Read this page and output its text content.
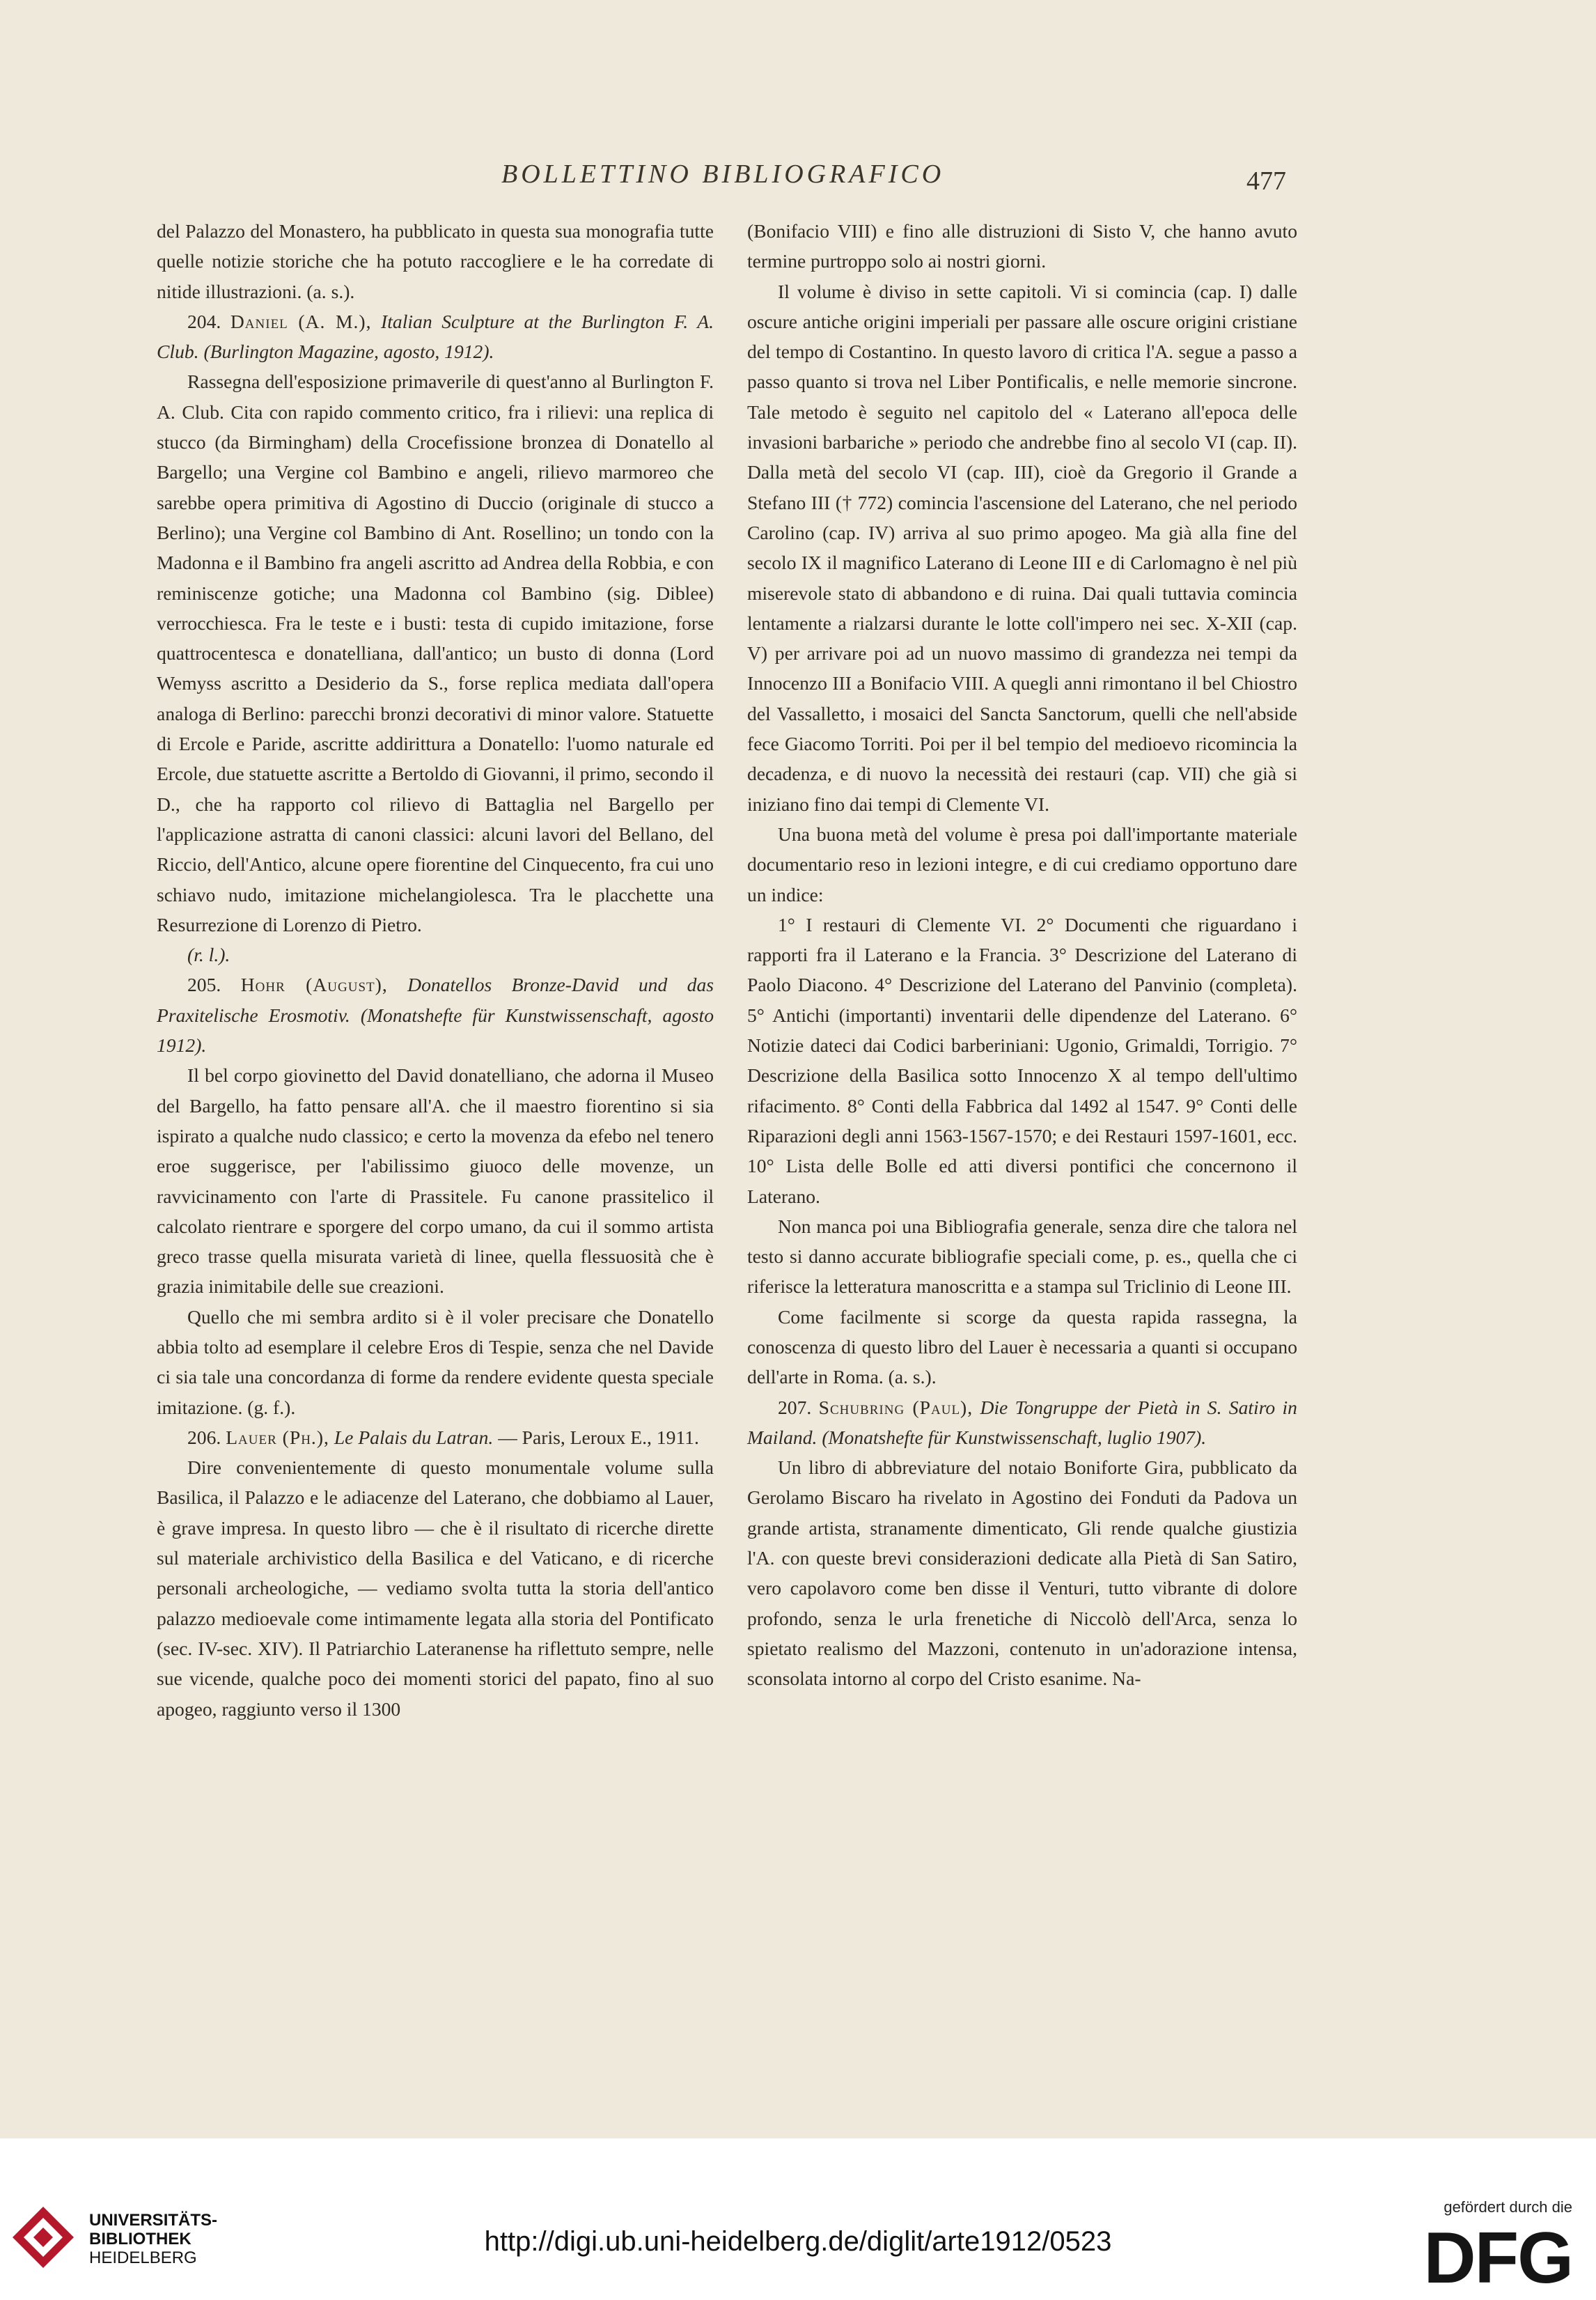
BOLLETTINO BIBLIOGRAFICO	477

del Palazzo del Monastero, ha pubblicato in questa sua monografia tutte quelle notizie storiche che ha potuto raccogliere e le ha corredate di nitide illustrazioni. (a. s.).

204. Daniel (A. M.), Italian Sculpture at the Burlington F. A. Club. (Burlington Magazine, agosto, 1912).

Rassegna dell'esposizione primaverile di quest'anno al Burlington F. A. Club. Cita con rapido commento critico, fra i rilievi: una replica di stucco (da Birmingham) della Crocefissione bronzea di Donatello al Bargello; una Vergine col Bambino e angeli, rilievo marmoreo che sarebbe opera primitiva di Agostino di Duccio (originale di stucco a Berlino); una Vergine col Bambino di Ant. Rosellino; un tondo con la Madonna e il Bambino fra angeli ascritto ad Andrea della Robbia, e con reminiscenze gotiche; una Madonna col Bambino (sig. Diblee) verrocchiesca. Fra le teste e i busti: testa di cupido imitazione, forse quattrocentesca e donatelliana, dall'antico; un busto di donna (Lord Wemyss ascritto a Desiderio da S., forse replica mediata dall'opera analoga di Berlino: parecchi bronzi decorativi di minor valore. Statuette di Ercole e Paride, ascritte addirittura a Donatello: l'uomo naturale ed Ercole, due statuette ascritte a Bertoldo di Giovanni, il primo, secondo il D., che ha rapporto col rilievo di Battaglia nel Bargello per l'applicazione astratta di canoni classici: alcuni lavori del Bellano, del Riccio, dell'Antico, alcune opere fiorentine del Cinquecento, fra cui uno schiavo nudo, imitazione michelangiolesca. Tra le placchette una Resurrezione di Lorenzo di Pietro.

(r. l.).

205. Hohr (August), Donatellos Bronze-David und das Praxitelische Erosmotiv. (Monatshefte für Kunstwissenschaft, agosto 1912).

Il bel corpo giovinetto del David donatelliano, che adorna il Museo del Bargello, ha fatto pensare all'A. che il maestro fiorentino si sia ispirato a qualche nudo classico; e certo la movenza da efebo nel tenero eroe suggerisce, per l'abilissimo giuoco delle movenze, un ravvicinamento con l'arte di Prassitele. Fu canone prassitelico il calcolato rientrare e sporgere del corpo umano, da cui il sommo artista greco trasse quella misurata varietà di linee, quella flessuosità che è grazia inimitabile delle sue creazioni.

Quello che mi sembra ardito si è il voler precisare che Donatello abbia tolto ad esemplare il celebre Eros di Tespie, senza che nel Davide ci sia tale una concordanza di forme da rendere evidente questa speciale imitazione. (g. f.).

206. Lauer (Ph.), Le Palais du Latran. — Paris, Leroux E., 1911.

Dire convenientemente di questo monumentale volume sulla Basilica, il Palazzo e le adiacenze del Laterano, che dobbiamo al Lauer, è grave impresa. In questo libro — che è il risultato di ricerche dirette sul materiale archivistico della Basilica e del Vaticano, e di ricerche personali archeologiche, — vediamo svolta tutta la storia dell'antico palazzo medioevale come intimamente legata alla storia del Pontificato (sec. IV-sec. XIV). Il Patriarchio Lateranense ha riflettuto sempre, nelle sue vicende, qualche poco dei momenti storici del papato, fino al suo apogeo, raggiunto verso il 1300

(Bonifacio VIII) e fino alle distruzioni di Sisto V, che hanno avuto termine purtroppo solo ai nostri giorni.

Il volume è diviso in sette capitoli. Vi si comincia (cap. I) dalle oscure antiche origini imperiali per passare alle oscure origini cristiane del tempo di Costantino. In questo lavoro di critica l'A. segue a passo a passo quanto si trova nel Liber Pontificalis, e nelle memorie sincrone. Tale metodo è seguito nel capitolo del « Laterano all'epoca delle invasioni barbariche » periodo che andrebbe fino al secolo VI (cap. II). Dalla metà del secolo VI (cap. III), cioè da Gregorio il Grande a Stefano III († 772) comincia l'ascensione del Laterano, che nel periodo Carolino (cap. IV) arriva al suo primo apogeo. Ma già alla fine del secolo IX il magnifico Laterano di Leone III e di Carlomagno è nel più miserevole stato di abbandono e di ruina. Dai quali tuttavia comincia lentamente a rialzarsi durante le lotte coll'impero nei sec. X-XII (cap. V) per arrivare poi ad un nuovo massimo di grandezza nei tempi da Innocenzo III a Bonifacio VIII. A quegli anni rimontano il bel Chiostro del Vassalletto, i mosaici del Sancta Sanctorum, quelli che nell'abside fece Giacomo Torriti. Poi per il bel tempio del medioevo ricomincia la decadenza, e di nuovo la necessità dei restauri (cap. VII) che già si iniziano fino dai tempi di Clemente VI.

Una buona metà del volume è presa poi dall'importante materiale documentario reso in lezioni integre, e di cui crediamo opportuno dare un indice:

1° I restauri di Clemente VI. 2° Documenti che riguardano i rapporti fra il Laterano e la Francia. 3° Descrizione del Laterano di Paolo Diacono. 4° Descrizione del Laterano del Panvinio (completa). 5° Antichi (importanti) inventarii delle dipendenze del Laterano. 6° Notizie dateci dai Codici barberiniani: Ugonio, Grimaldi, Torrigio. 7° Descrizione della Basilica sotto Innocenzo X al tempo dell'ultimo rifacimento. 8° Conti della Fabbrica dal 1492 al 1547. 9° Conti delle Riparazioni degli anni 1563-1567-1570; e dei Restauri 1597-1601, ecc. 10° Lista delle Bolle ed atti diversi pontifici che concernono il Laterano.

Non manca poi una Bibliografia generale, senza dire che talora nel testo si danno accurate bibliografie speciali come, p. es., quella che ci riferisce la letteratura manoscritta e a stampa sul Triclinio di Leone III.

Come facilmente si scorge da questa rapida rassegna, la conoscenza di questo libro del Lauer è necessaria a quanti si occupano dell'arte in Roma. (a. s.).

207. Schubring (Paul), Die Tongruppe der Pietà in S. Satiro in Mailand. (Monatshefte für Kunstwissenschaft, luglio 1907).

Un libro di abbreviature del notaio Boniforte Gira, pubblicato da Gerolamo Biscaro ha rivelato in Agostino dei Fonduti da Padova un grande artista, stranamente dimenticato, Gli rende qualche giustizia l'A. con queste brevi considerazioni dedicate alla Pietà di San Satiro, vero capolavoro come ben disse il Venturi, tutto vibrante di dolore profondo, senza le urla frenetiche di Niccolò dell'Arca, senza lo spietato realismo del Mazzoni, contenuto in un'adorazione intensa, sconsolata intorno al corpo del Cristo esanime. Na-

UNIVERSITÄTS-
BIBLIOTHEK
HEIDELBERG
http://digi.ub.uni-heidelberg.de/diglit/arte1912/0523
gefördert durch die
DFG
